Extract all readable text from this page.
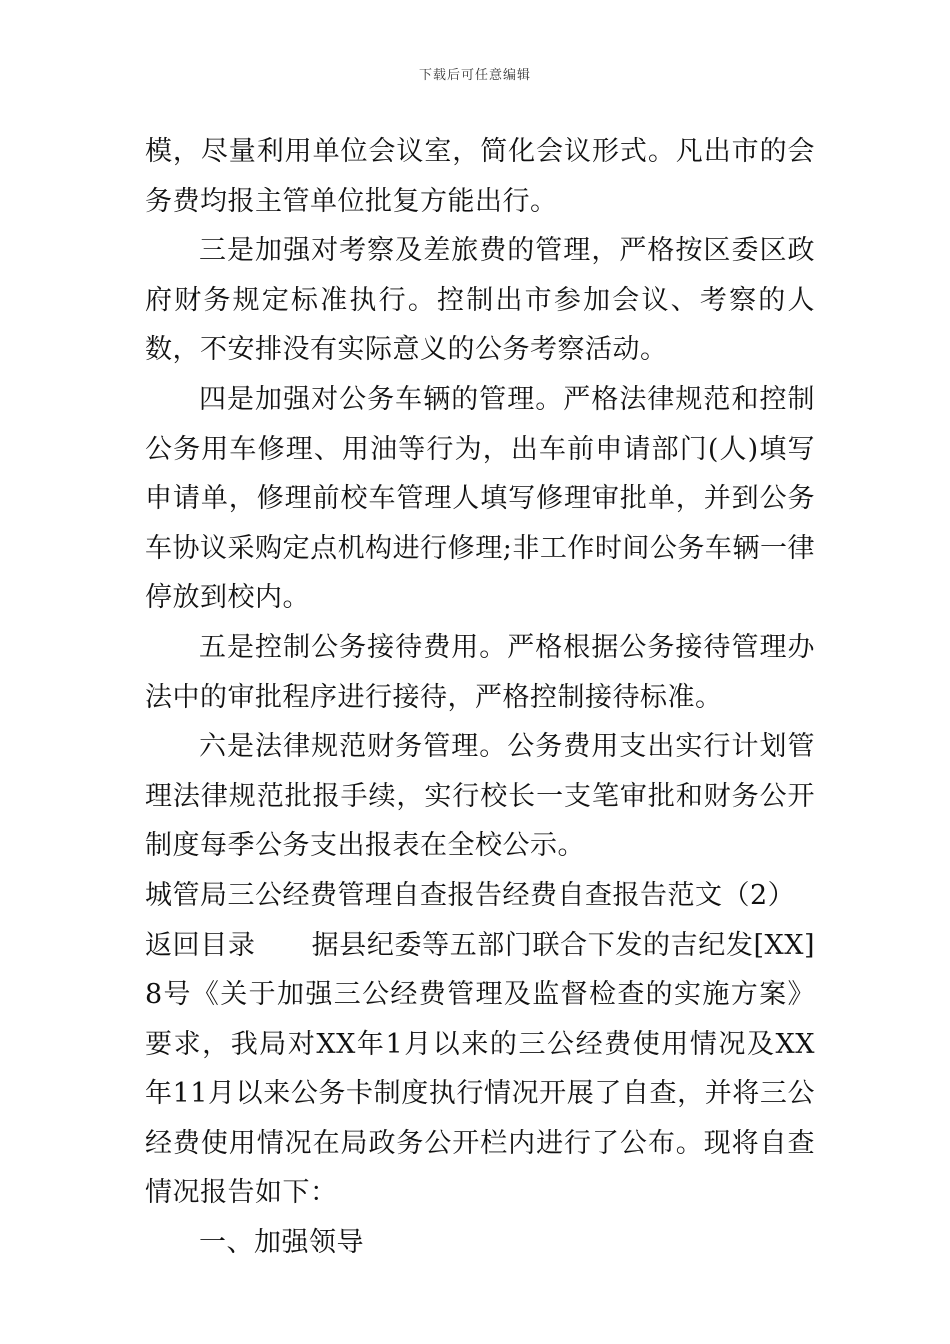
下载后可任意编辑

模，尽量利用单位会议室，简化会议形式。凡出市的会务费均报主管单位批复方能出行。

三是加强对考察及差旅费的管理，严格按区委区政府财务规定标准执行。控制出市参加会议、考察的人数，不安排没有实际意义的公务考察活动。

四是加强对公务车辆的管理。严格法律规范和控制公务用车修理、用油等行为，出车前申请部门(人)填写申请单，修理前校车管理人填写修理审批单，并到公务车协议采购定点机构进行修理;非工作时间公务车辆一律停放到校内。

五是控制公务接待费用。严格根据公务接待管理办法中的审批程序进行接待，严格控制接待标准。

六是法律规范财务管理。公务费用支出实行计划管理法律规范批报手续，实行校长一支笔审批和财务公开制度每季公务支出报表在全校公示。

城管局三公经费管理自查报告经费自查报告范文（2）

返回目录 据县纪委等五部门联合下发的吉纪发[XX]8号《关于加强三公经费管理及监督检查的实施方案》要求，我局对XX年1月以来的三公经费使用情况及XX年11月以来公务卡制度执行情况开展了自查，并将三公经费使用情况在局政务公开栏内进行了公布。现将自查情况报告如下：

一、加强领导
